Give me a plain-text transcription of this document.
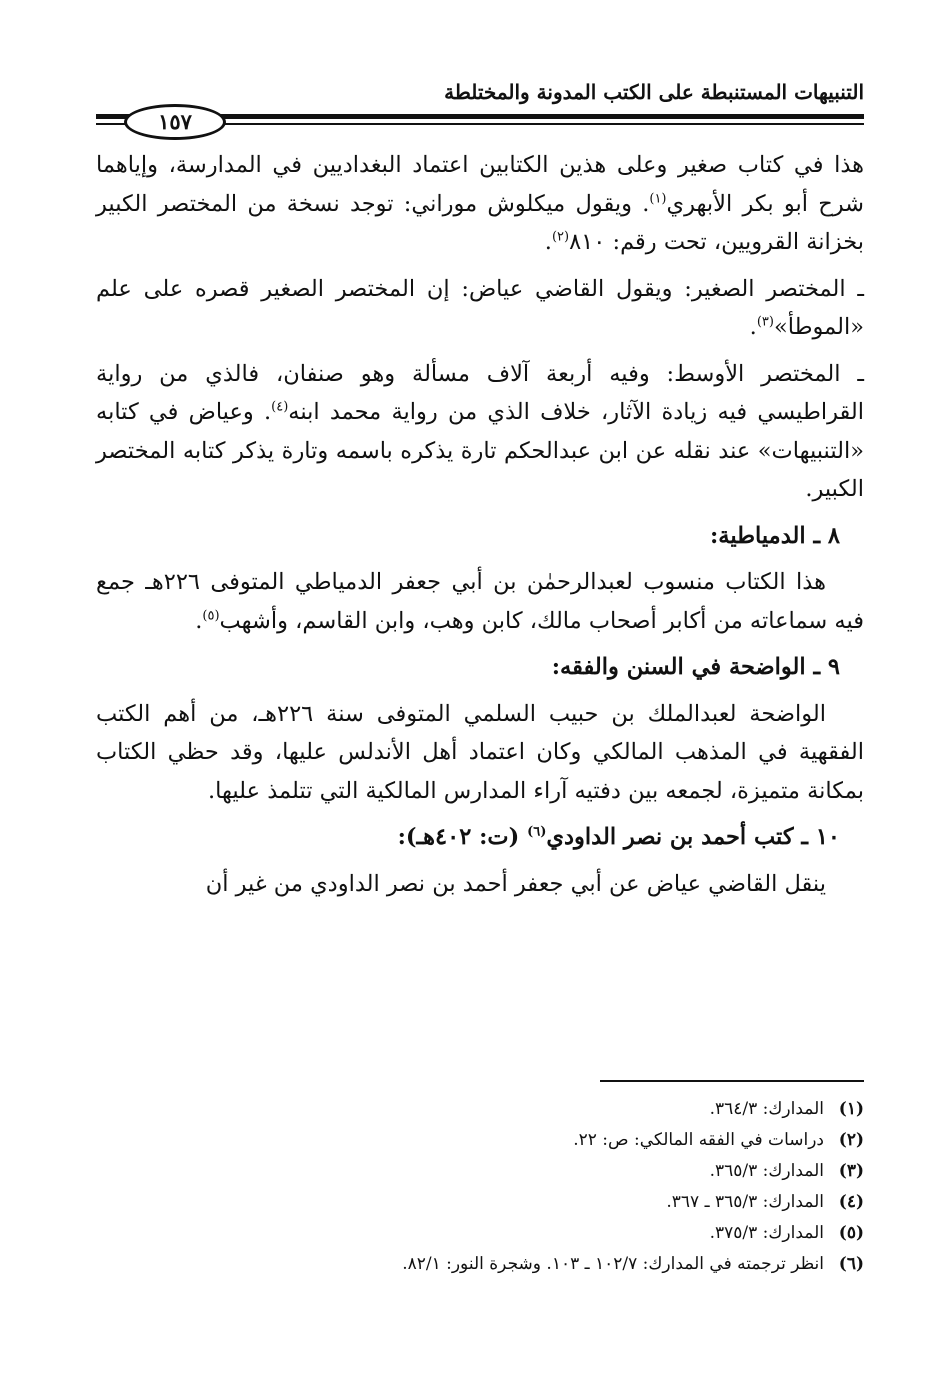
التنبيهات المستنبطة على الكتب المدونة والمختلطة
١٥٧

هذا في كتاب صغير وعلى هذين الكتابين اعتماد البغداديين في المدارسة، وإياهما شرح أبو بكر الأبهري$^{(١)}$. ويقول ميكلوش موراني: توجد نسخة من المختصر الكبير بخزانة القرويين، تحت رقم: ٨١٠$^{(٢)}$.

ـ المختصر الصغير: ويقول القاضي عياض: إن المختصر الصغير قصره على علم «الموطأ»$^{(٣)}$.

ـ المختصر الأوسط: وفيه أربعة آلاف مسألة وهو صنفان، فالذي من رواية القراطيسي فيه زيادة الآثار، خلاف الذي من رواية محمد ابنه$^{(٤)}$. وعياض في كتابه «التنبيهات» عند نقله عن ابن عبدالحكم تارة يذكره باسمه وتارة يذكر كتابه المختصر الكبير.

٨ ـ الدمياطية:

هذا الكتاب منسوب لعبدالرحمٰن بن أبي جعفر الدمياطي المتوفى ٢٢٦هـ جمع فيه سماعاته من أكابر أصحاب مالك، كابن وهب، وابن القاسم، وأشهب$^{(٥)}$.

٩ ـ الواضحة في السنن والفقه:

الواضحة لعبدالملك بن حبيب السلمي المتوفى سنة ٢٢٦هـ، من أهم الكتب الفقهية في المذهب المالكي وكان اعتماد أهل الأندلس عليها، وقد حظي الكتاب بمكانة متميزة، لجمعه بين دفتيه آراء المدارس المالكية التي تتلمذ عليها.

١٠ ـ كتب أحمد بن نصر الداودي$^{(٦)}$ (ت: ٤٠٢هـ):

ينقل القاضي عياض عن أبي جعفر أحمد بن نصر الداودي من غير أن

(١)
المدارك: ٣٦٤/٣.
(٢)
دراسات في الفقه المالكي: ص: ٢٢.
(٣)
المدارك: ٣٦٥/٣.
(٤)
المدارك: ٣٦٥/٣ ـ ٣٦٧.
(٥)
المدارك: ٣٧٥/٣.
(٦)
انظر ترجمته في المدارك: ١٠٢/٧ ـ ١٠٣. وشجرة النور: ٨٢/١.
